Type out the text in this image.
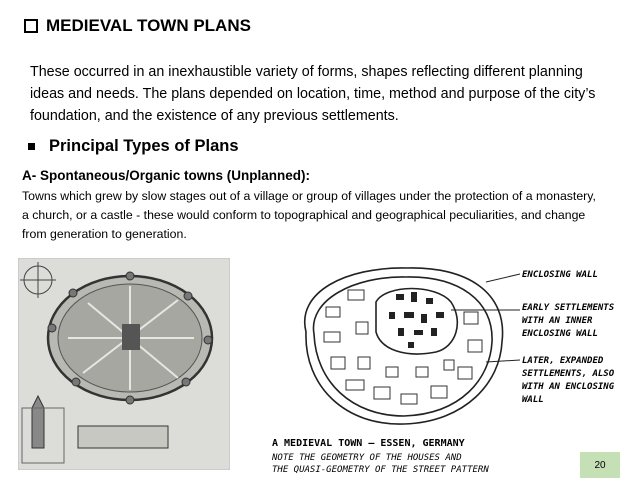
MEDIEVAL TOWN PLANS
These occurred in an inexhaustible variety of forms, shapes reflecting different planning ideas and needs. The plans depended on location, time, method and purpose of the city’s foundation, and the existence of any previous settlements.
Principal Types of Plans
A- Spontaneous/Organic towns (Unplanned):
Towns which grew by slow stages out of a village or group of villages under the protection of a monastery, a church, or a castle - these would conform to topographical and geographical peculiarities, and change from generation to generation.
ENCLOSING WALL
EARLY SETTLEMENTS
WITH AN INNER
ENCLOSING WALL
LATER, EXPANDED
SETTLEMENTS, ALSO
WITH AN ENCLOSING
WALL
A MEDIEVAL TOWN – ESSEN, GERMANY
NOTE THE GEOMETRY OF THE HOUSES AND
THE QUASI-GEOMETRY OF THE STREET PATTERN	20
